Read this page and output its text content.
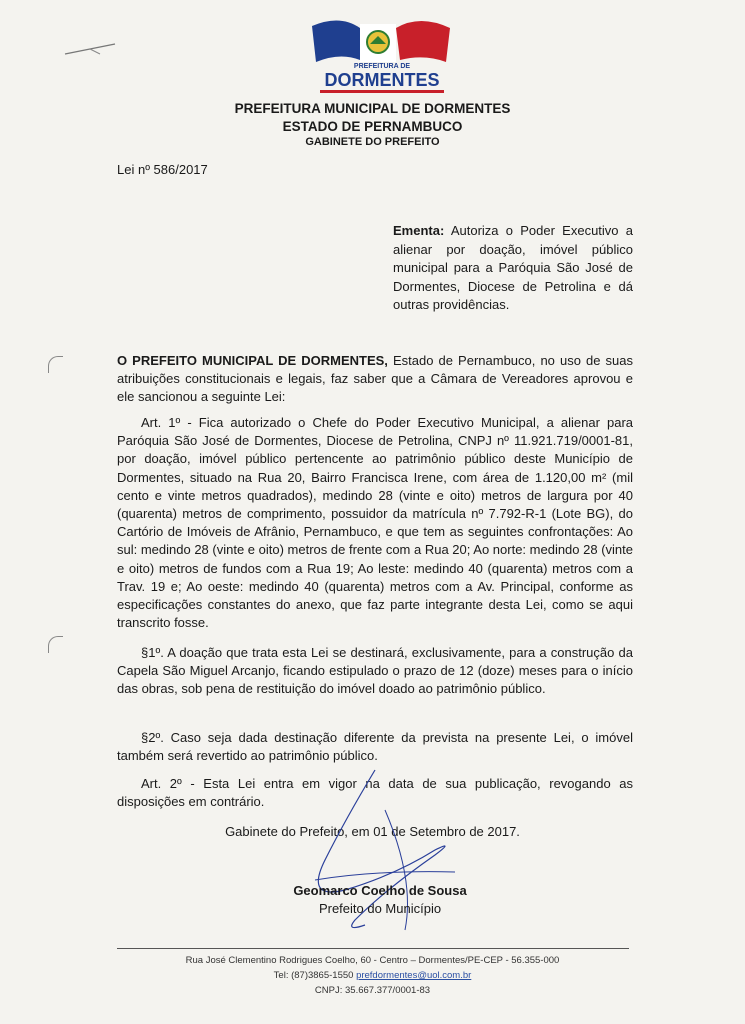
PREFEITURA DE
DORMENTES
PREFEITURA MUNICIPAL DE DORMENTES
ESTADO DE PERNAMBUCO
GABINETE DO PREFEITO
Lei nº 586/2017
Ementa: Autoriza o Poder Executivo a alienar por doação, imóvel público municipal para a Paróquia São José de Dormentes, Diocese de Petrolina e dá outras providências.
O PREFEITO MUNICIPAL DE DORMENTES, Estado de Pernambuco, no uso de suas atribuições constitucionais e legais, faz saber que a Câmara de Vereadores aprovou e ele sancionou a seguinte Lei:
Art. 1º - Fica autorizado o Chefe do Poder Executivo Municipal, a alienar para Paróquia São José de Dormentes, Diocese de Petrolina, CNPJ nº 11.921.719/0001-81, por doação, imóvel público pertencente ao patrimônio público deste Município de Dormentes, situado na Rua 20, Bairro Francisca Irene, com área de 1.120,00 m² (mil cento e vinte metros quadrados), medindo 28 (vinte e oito) metros de largura por 40 (quarenta) metros de comprimento, possuidor da matrícula nº 7.792-R-1 (Lote BG), do Cartório de Imóveis de Afrânio, Pernambuco, e que tem as seguintes confrontações: Ao sul: medindo 28 (vinte e oito) metros de frente com a Rua 20; Ao norte: medindo 28 (vinte e oito) metros de fundos com a Rua 19; Ao leste: medindo 40 (quarenta) metros com a Trav. 19 e; Ao oeste: medindo 40 (quarenta) metros com a Av. Principal, conforme as especificações constantes do anexo, que faz parte integrante desta Lei, como se aqui transcrito fosse.
§1º. A doação que trata esta Lei se destinará, exclusivamente, para a construção da Capela São Miguel Arcanjo, ficando estipulado o prazo de 12 (doze) meses para o início das obras, sob pena de restituição do imóvel doado ao patrimônio público.
§2º. Caso seja dada destinação diferente da prevista na presente Lei, o imóvel também será revertido ao patrimônio público.
Art. 2º - Esta Lei entra em vigor na data de sua publicação, revogando as disposições em contrário.
Gabinete do Prefeito, em 01 de Setembro de 2017.
Geomarco Coelho de Sousa
Prefeito do Município
Rua José Clementino Rodrigues Coelho, 60 - Centro – Dormentes/PE-CEP - 56.355-000
Tel: (87)3865-1550 prefdormentes@uol.com.br
CNPJ: 35.667.377/0001-83
